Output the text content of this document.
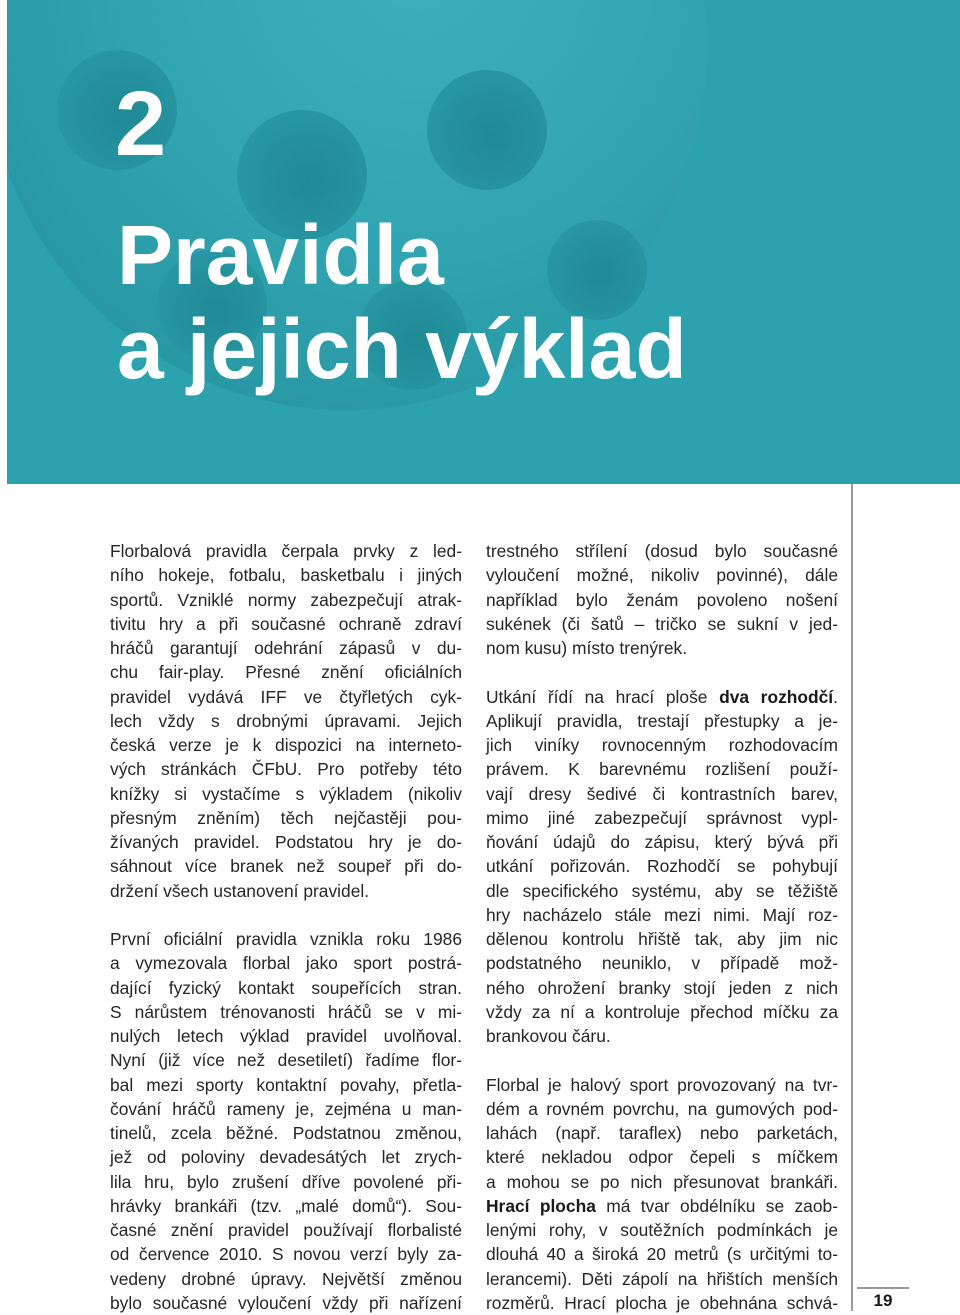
2
Pravidla
a jejich výklad
Florbalová pravidla čerpala prvky z led-
ního hokeje, fotbalu, basketbalu i jiných
sportů. Vzniklé normy zabezpečují atrak-
tivitu hry a při současné ochraně zdraví
hráčů garantují odehrání zápasů v du-
chu fair-play. Přesné znění oficiálních
pravidel vydává IFF ve čtyřletých cyk-
lech vždy s drobnými úpravami. Jejich
česká verze je k dispozici na interneto-
vých stránkách ČFbU. Pro potřeby této
knížky si vystačíme s výkladem (nikoliv
přesným zněním) těch nejčastěji pou-
žívaných pravidel. Podstatou hry je do-
sáhnout více branek než soupeř při do-
držení všech ustanovení pravidel.
První oficiální pravidla vznikla roku 1986
a vymezovala florbal jako sport postrá-
dající fyzický kontakt soupeřících stran.
S nárůstem trénovanosti hráčů se v mi-
nulých letech výklad pravidel uvolňoval.
Nyní (již více než desetiletí) řadíme flor-
bal mezi sporty kontaktní povahy, přetla-
čování hráčů rameny je, zejména u man-
tinelů, zcela běžné. Podstatnou změnou,
jež od poloviny devadesátých let zrych-
lila hru, bylo zrušení dříve povolené při-
hrávky brankáři (tzv. „malé domů“). Sou-
časné znění pravidel používají florbalisté
od července 2010. S novou verzí byly za-
vedeny drobné úpravy. Největší změnou
bylo současné vyloučení vždy při nařízení
trestného střílení (dosud bylo současné
vyloučení možné, nikoliv povinné), dále
například bylo ženám povoleno nošení
sukének (či šatů – tričko se sukní v jed-
nom kusu) místo trenýrek.
Utkání řídí na hrací ploše dva rozhodčí.
Aplikují pravidla, trestají přestupky a je-
jich viníky rovnocenným rozhodovacím
právem. K barevnému rozlišení použí-
vají dresy šedivé či kontrastních barev,
mimo jiné zabezpečují správnost vypl-
ňování údajů do zápisu, který bývá při
utkání pořizován. Rozhodčí se pohybují
dle specifického systému, aby se těžiště
hry nacházelo stále mezi nimi. Mají roz-
dělenou kontrolu hřiště tak, aby jim nic
podstatného neuniklo, v případě mož-
ného ohrožení branky stojí jeden z nich
vždy za ní a kontroluje přechod míčku za
brankovou čáru.
Florbal je halový sport provozovaný na tvr-
dém a rovném povrchu, na gumových pod-
lahách (např. taraflex) nebo parketách,
které nekladou odpor čepeli s míčkem
a mohou se po nich přesunovat brankáři.
Hrací plocha má tvar obdélníku se zaob-
lenými rohy, v soutěžních podmínkách je
dlouhá 40 a široká 20 metrů (s určitými to-
lerancemi). Děti zápolí na hřištích menších
rozměrů. Hrací plocha je obehnána schvá-	19
